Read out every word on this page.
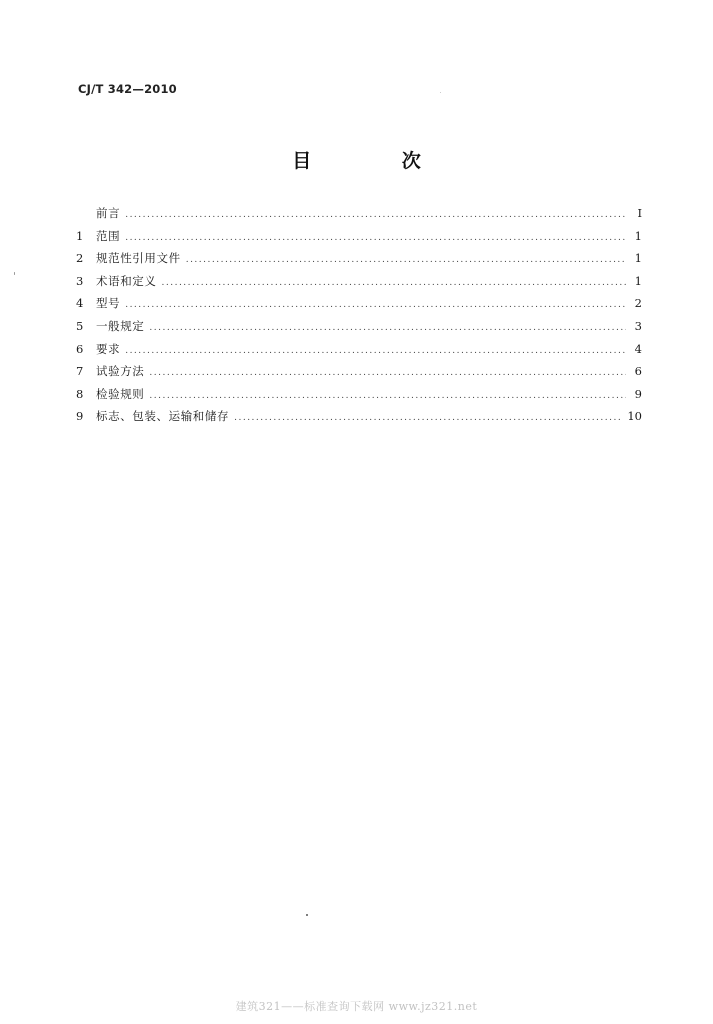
CJ/T 342—2010
目 次
前言 .....	I
1	范围 .....	1
2	规范性引用文件 .....	1
3	术语和定义 .....	1
4	型号 .....	2
5	一般规定 .....	3
6	要求 .....	4
7	试验方法 .....	6
8	检验规则 .....	9
9	标志、包装、运输和储存 .....	10
建筑321——标准查询下载网 www.jz321.net
